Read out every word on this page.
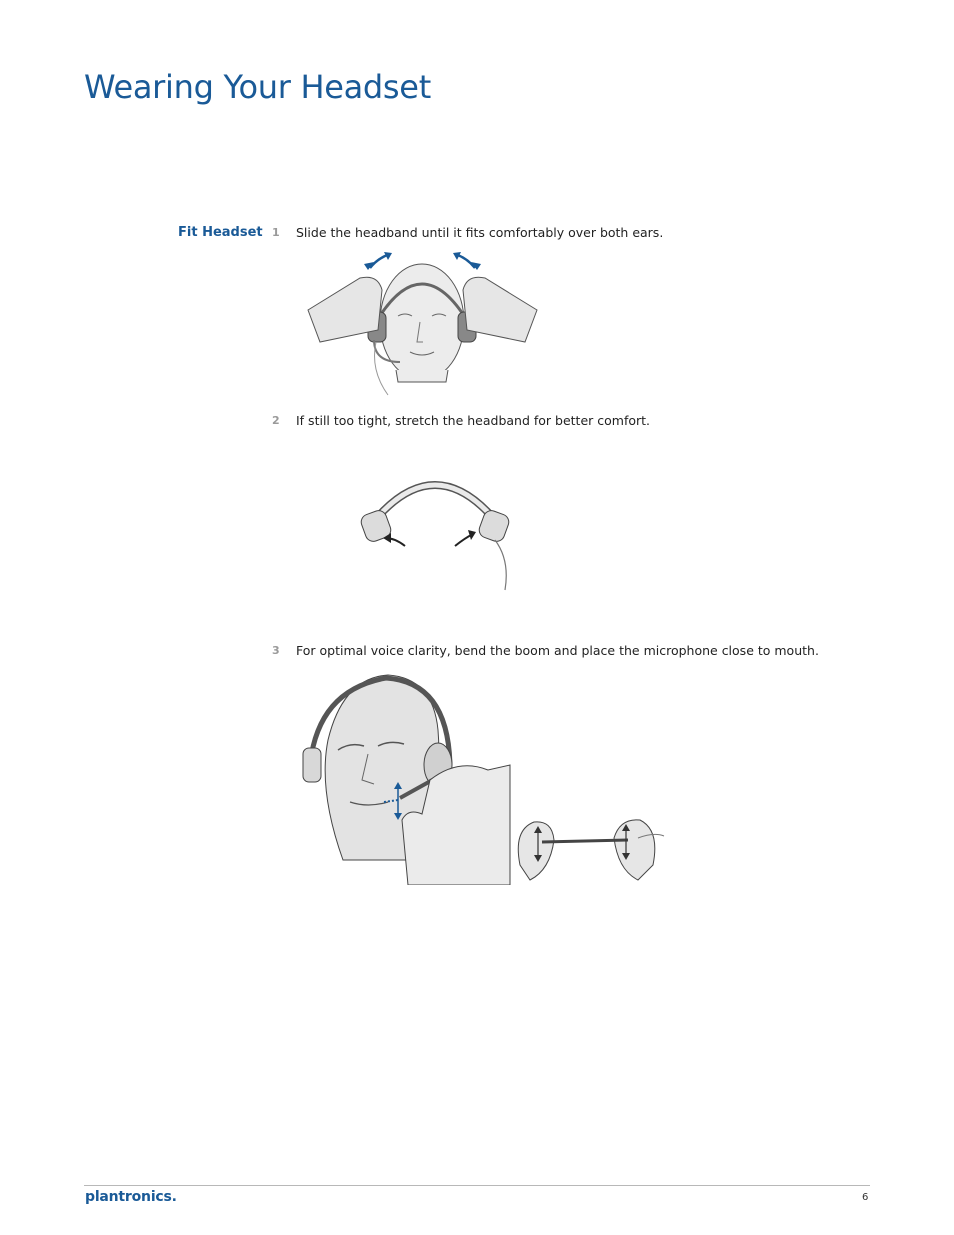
Wearing Your Headset
Fit Headset 1 Slide the headband until it fits comfortably over both ears.
2 If still too tight, stretch the headband for better comfort.
3 For optimal voice clarity, bend the boom and place the microphone close to mouth.
plantronics.	6
